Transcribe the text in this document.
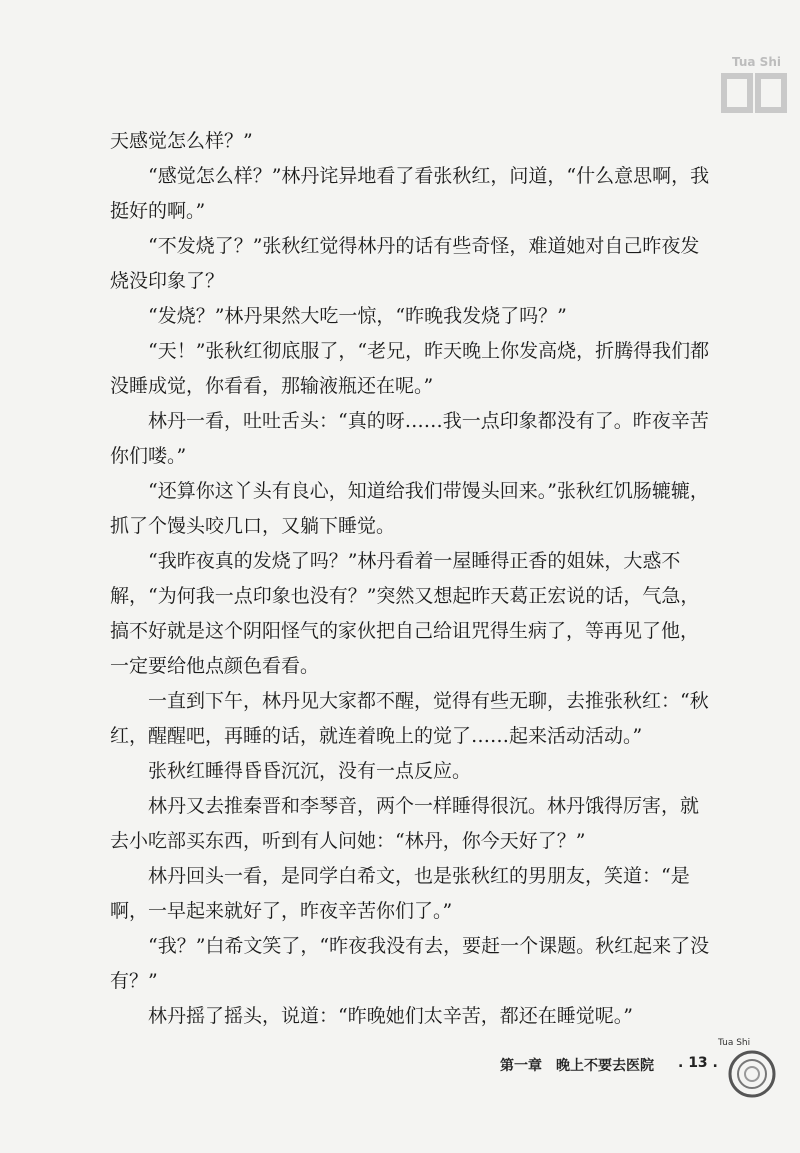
Tua Shi

天感觉怎么样？”

　　“感觉怎么样？”林丹诧异地看了看张秋红，问道，“什么意思啊，我挺好的啊。”

　　“不发烧了？”张秋红觉得林丹的话有些奇怪，难道她对自己昨夜发烧没印象了？

　　“发烧？”林丹果然大吃一惊，“昨晚我发烧了吗？”

　　“天！”张秋红彻底服了，“老兄，昨天晚上你发高烧，折腾得我们都没睡成觉，你看看，那输液瓶还在呢。”

　　林丹一看，吐吐舌头：“真的呀……我一点印象都没有了。昨夜辛苦你们喽。”

　　“还算你这丫头有良心，知道给我们带馒头回来。”张秋红饥肠辘辘，抓了个馒头咬几口，又躺下睡觉。

　　“我昨夜真的发烧了吗？”林丹看着一屋睡得正香的姐妹，大惑不解，“为何我一点印象也没有？”突然又想起昨天葛正宏说的话，气急，搞不好就是这个阴阳怪气的家伙把自己给诅咒得生病了，等再见了他，一定要给他点颜色看看。

　　一直到下午，林丹见大家都不醒，觉得有些无聊，去推张秋红：“秋红，醒醒吧，再睡的话，就连着晚上的觉了……起来活动活动。”

　　张秋红睡得昏昏沉沉，没有一点反应。

　　林丹又去推秦晋和李琴音，两个一样睡得很沉。林丹饿得厉害，就去小吃部买东西，听到有人问她：“林丹，你今天好了？”

　　林丹回头一看，是同学白希文，也是张秋红的男朋友，笑道：“是啊，一早起来就好了，昨夜辛苦你们了。”

　　“我？”白希文笑了，“昨夜我没有去，要赶一个课题。秋红起来了没有？”

　　林丹摇了摇头，说道：“昨晚她们太辛苦，都还在睡觉呢。”

第一章　晚上不要去医院 . 13 .
Tua Shi
